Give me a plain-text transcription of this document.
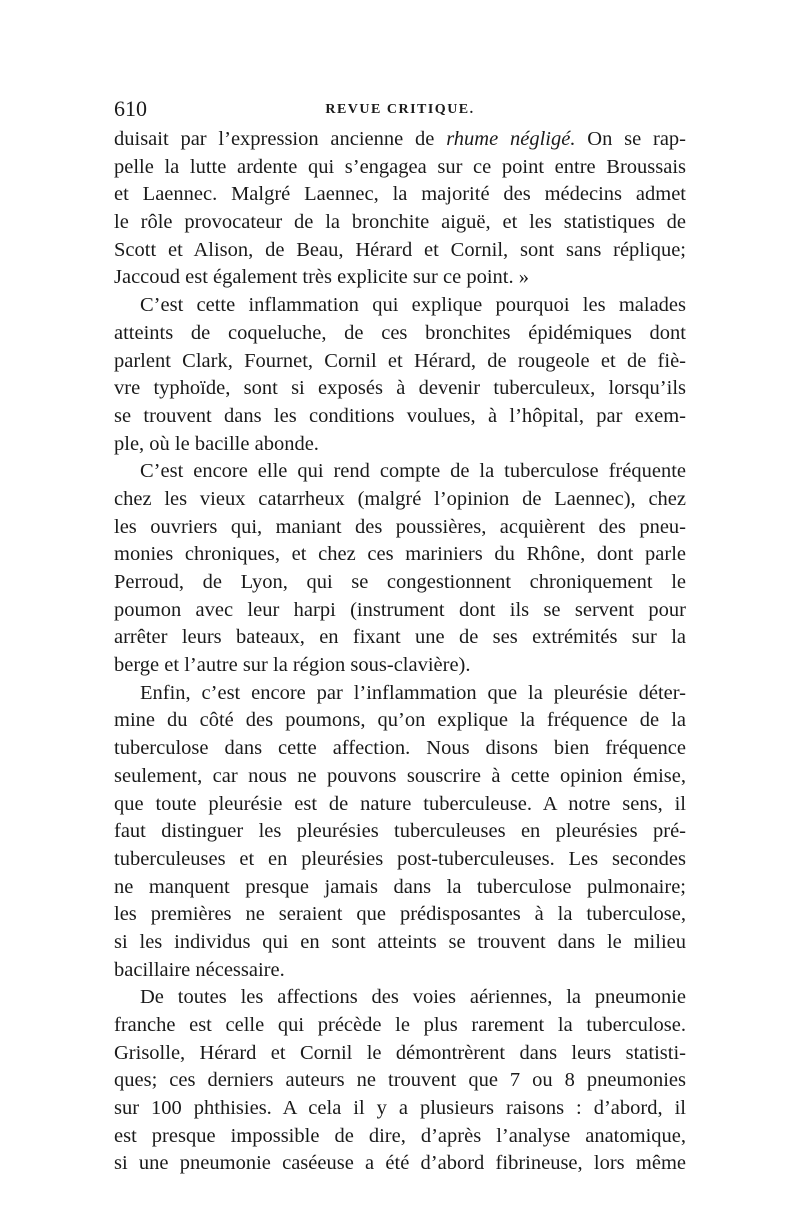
610	REVUE CRITIQUE.
duisait par l’expression ancienne de rhume négligé. On se rap-
pelle la lutte ardente qui s’engagea sur ce point entre Broussais
et Laennec. Malgré Laennec, la majorité des médecins admet
le rôle provocateur de la bronchite aiguë, et les statistiques de
Scott et Alison, de Beau, Hérard et Cornil, sont sans réplique;
Jaccoud est également très explicite sur ce point. »
C’est cette inflammation qui explique pourquoi les malades
atteints de coqueluche, de ces bronchites épidémiques dont
parlent Clark, Fournet, Cornil et Hérard, de rougeole et de fiè-
vre typhoïde, sont si exposés à devenir tuberculeux, lorsqu’ils
se trouvent dans les conditions voulues, à l’hôpital, par exem-
ple, où le bacille abonde.
C’est encore elle qui rend compte de la tuberculose fréquente
chez les vieux catarrheux (malgré l’opinion de Laennec), chez
les ouvriers qui, maniant des poussières, acquièrent des pneu-
monies chroniques, et chez ces mariniers du Rhône, dont parle
Perroud, de Lyon, qui se congestionnent chroniquement le
poumon avec leur harpi (instrument dont ils se servent pour
arrêter leurs bateaux, en fixant une de ses extrémités sur la
berge et l’autre sur la région sous-clavière).
Enfin, c’est encore par l’inflammation que la pleurésie déter-
mine du côté des poumons, qu’on explique la fréquence de la
tuberculose dans cette affection. Nous disons bien fréquence
seulement, car nous ne pouvons souscrire à cette opinion émise,
que toute pleurésie est de nature tuberculeuse. A notre sens, il
faut distinguer les pleurésies tuberculeuses en pleurésies pré-
tuberculeuses et en pleurésies post-tuberculeuses. Les secondes
ne manquent presque jamais dans la tuberculose pulmonaire;
les premières ne seraient que prédisposantes à la tuberculose,
si les individus qui en sont atteints se trouvent dans le milieu
bacillaire nécessaire.
De toutes les affections des voies aériennes, la pneumonie
franche est celle qui précède le plus rarement la tuberculose.
Grisolle, Hérard et Cornil le démontrèrent dans leurs statisti-
ques; ces derniers auteurs ne trouvent que 7 ou 8 pneumonies
sur 100 phthisies. A cela il y a plusieurs raisons : d’abord, il
est presque impossible de dire, d’après l’analyse anatomique,
si une pneumonie caséeuse a été d’abord fibrineuse, lors même
